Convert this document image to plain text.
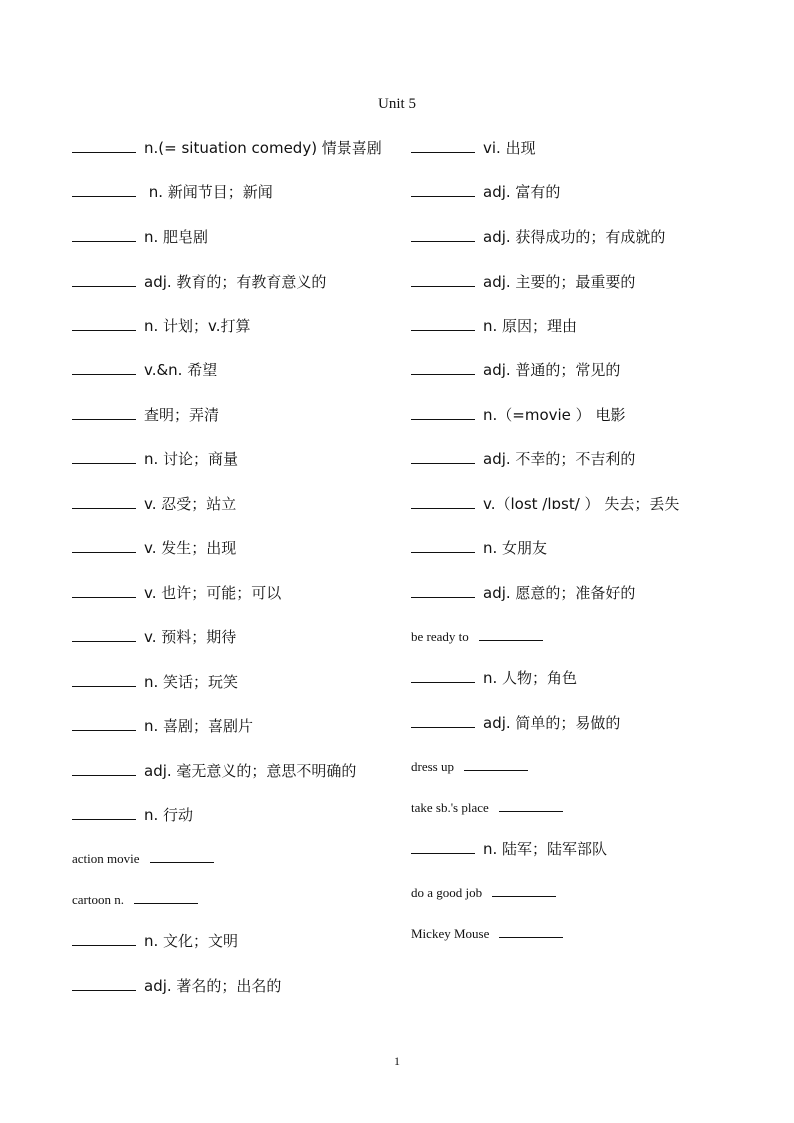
Unit 5
n.(= situation comedy) 情景喜剧
n. 新闻节目；新闻
n. 肥皂剧
adj. 教育的；有教育意义的
n. 计划；v.打算
v.&n. 希望
查明；弄清
n. 讨论；商量
v. 忍受；站立
v. 发生；出现
v. 也许；可能；可以
v. 预料；期待
n. 笑话；玩笑
n. 喜剧；喜剧片
adj. 毫无意义的；意思不明确的
n. 行动
action movie
cartoon n.
n. 文化；文明
adj. 著名的；出名的
vi. 出现
adj. 富有的
adj. 获得成功的；有成就的
adj. 主要的；最重要的
n. 原因；理由
adj. 普通的；常见的
n.（=movie ） 电影
adj. 不幸的；不吉利的
v.（lost /lɒst/ ） 失去；丢失
n. 女朋友
adj. 愿意的；准备好的
be ready to
n. 人物；角色
adj. 简单的；易做的
dress up
take sb.'s place
n. 陆军；陆军部队
do a good job
Mickey Mouse
1
